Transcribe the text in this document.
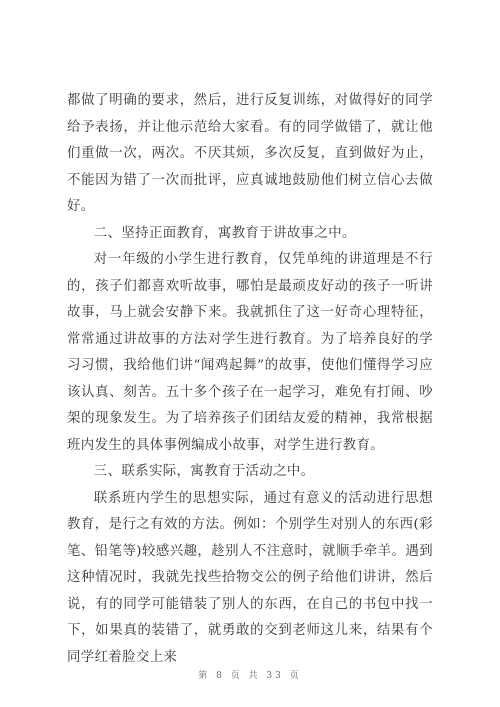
都做了明确的要求，然后，进行反复训练，对做得好的同学给予表扬，并让他示范给大家看。有的同学做错了，就让他们重做一次，两次。不厌其烦，多次反复，直到做好为止，不能因为错了一次而批评，应真诚地鼓励他们树立信心去做好。

二、坚持正面教育，寓教育于讲故事之中。

对一年级的小学生进行教育，仅凭单纯的讲道理是不行的，孩子们都喜欢听故事，哪怕是最顽皮好动的孩子一听讲故事，马上就会安静下来。我就抓住了这一好奇心理特征，常常通过讲故事的方法对学生进行教育。为了培养良好的学习习惯，我给他们讲“闻鸡起舞”的故事，使他们懂得学习应该认真、刻苦。五十多个孩子在一起学习，难免有打闹、吵架的现象发生。为了培养孩子们团结友爱的精神，我常根据班内发生的具体事例编成小故事，对学生进行教育。

三、联系实际，寓教育于活动之中。

联系班内学生的思想实际，通过有意义的活动进行思想教育，是行之有效的方法。例如：个别学生对别人的东西(彩笔、铅笔等)较感兴趣，趁别人不注意时，就顺手牵羊。遇到这种情况时，我就先找些拾物交公的例子给他们讲讲，然后说，有的同学可能错装了别人的东西，在自己的书包中找一下，如果真的装错了，就勇敢的交到老师这儿来，结果有个同学红着脸交上来

第 8 页 共 33 页
